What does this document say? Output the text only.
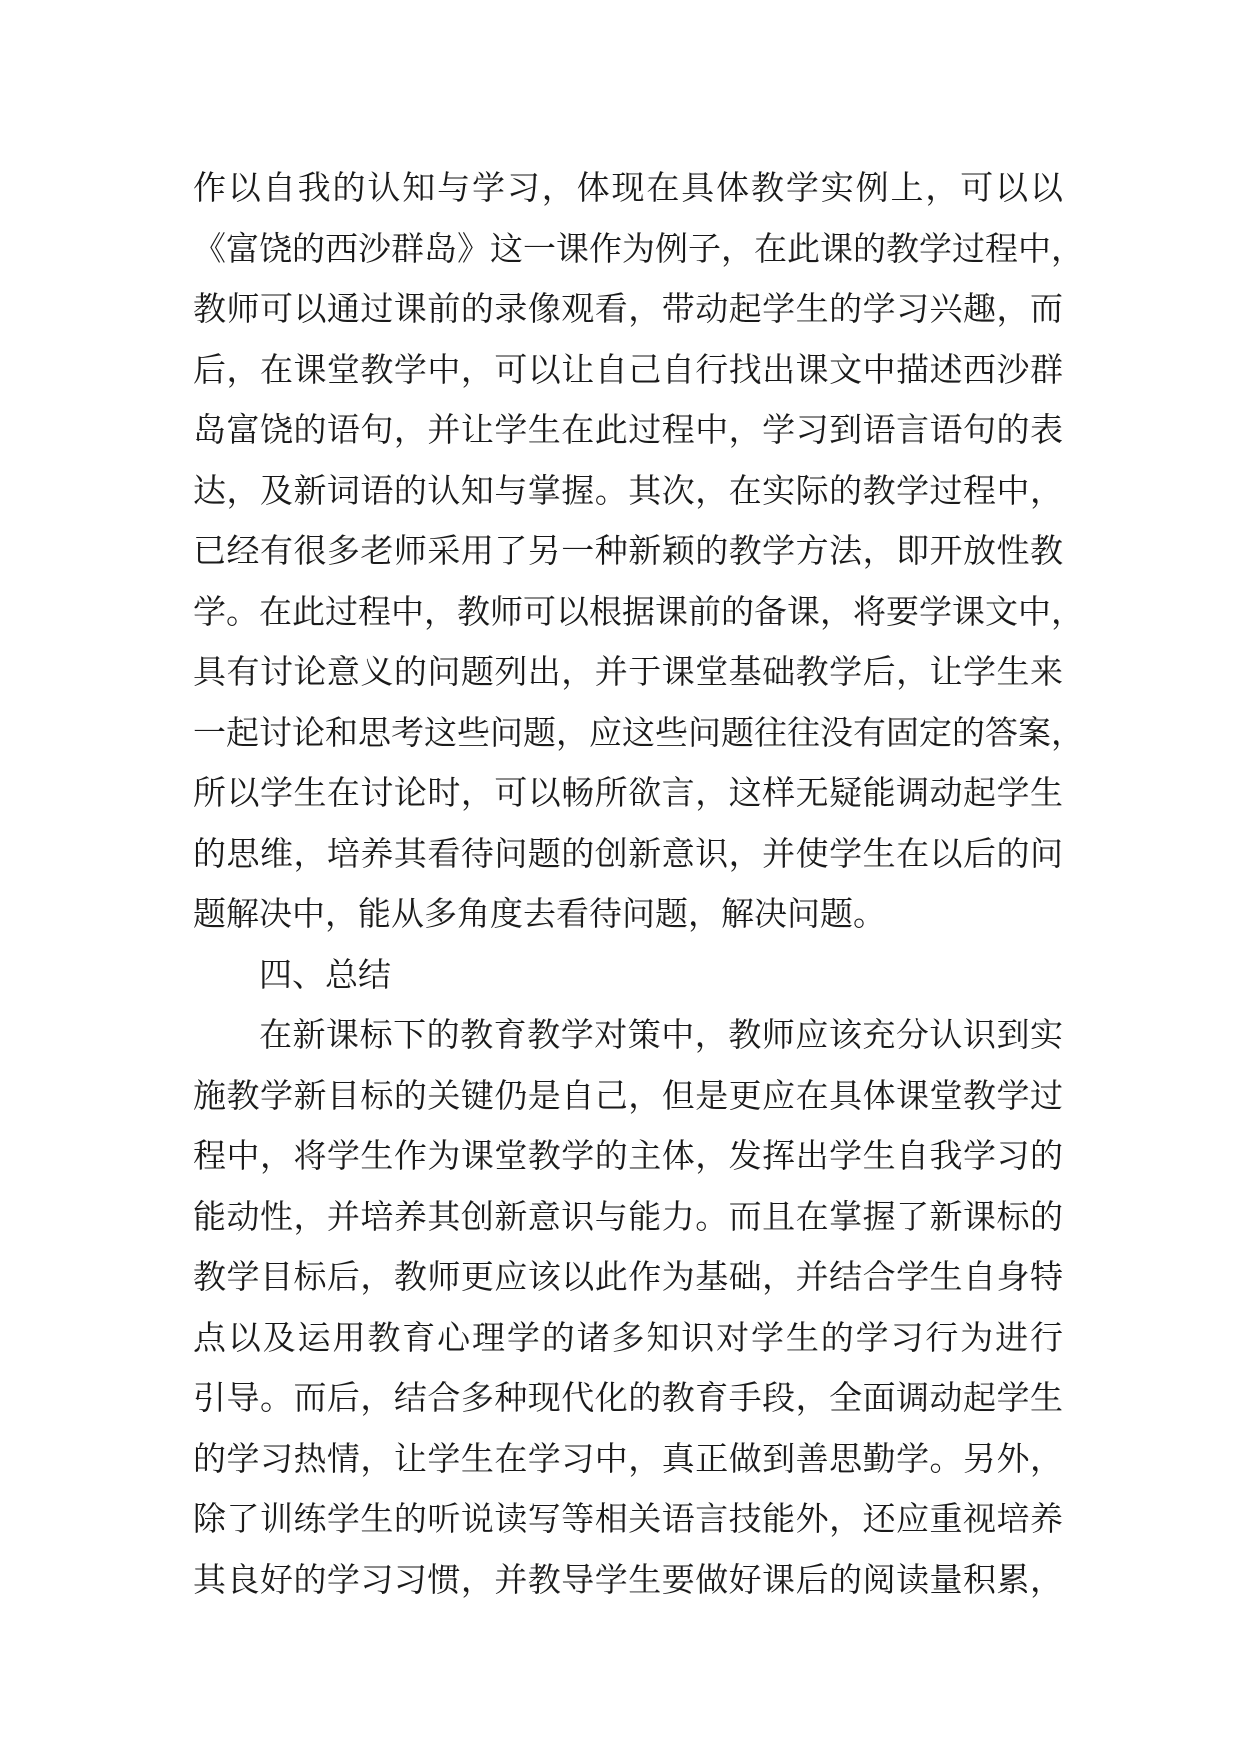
作以自我的认知与学习，体现在具体教学实例上，可以以
《富饶的西沙群岛》这一课作为例子，在此课的教学过程中，
教师可以通过课前的录像观看，带动起学生的学习兴趣，而
后，在课堂教学中，可以让自己自行找出课文中描述西沙群
岛富饶的语句，并让学生在此过程中，学习到语言语句的表
达，及新词语的认知与掌握。其次，在实际的教学过程中，
已经有很多老师采用了另一种新颖的教学方法，即开放性教
学。在此过程中，教师可以根据课前的备课，将要学课文中，
具有讨论意义的问题列出，并于课堂基础教学后，让学生来
一起讨论和思考这些问题，应这些问题往往没有固定的答案，
所以学生在讨论时，可以畅所欲言，这样无疑能调动起学生
的思维，培养其看待问题的创新意识，并使学生在以后的问
题解决中，能从多角度去看待问题，解决问题。
四、总结
在新课标下的教育教学对策中，教师应该充分认识到实
施教学新目标的关键仍是自己，但是更应在具体课堂教学过
程中，将学生作为课堂教学的主体，发挥出学生自我学习的
能动性，并培养其创新意识与能力。而且在掌握了新课标的
教学目标后，教师更应该以此作为基础，并结合学生自身特
点以及运用教育心理学的诸多知识对学生的学习行为进行
引导。而后，结合多种现代化的教育手段，全面调动起学生
的学习热情，让学生在学习中，真正做到善思勤学。另外，
除了训练学生的听说读写等相关语言技能外，还应重视培养
其良好的学习习惯，并教导学生要做好课后的阅读量积累，
